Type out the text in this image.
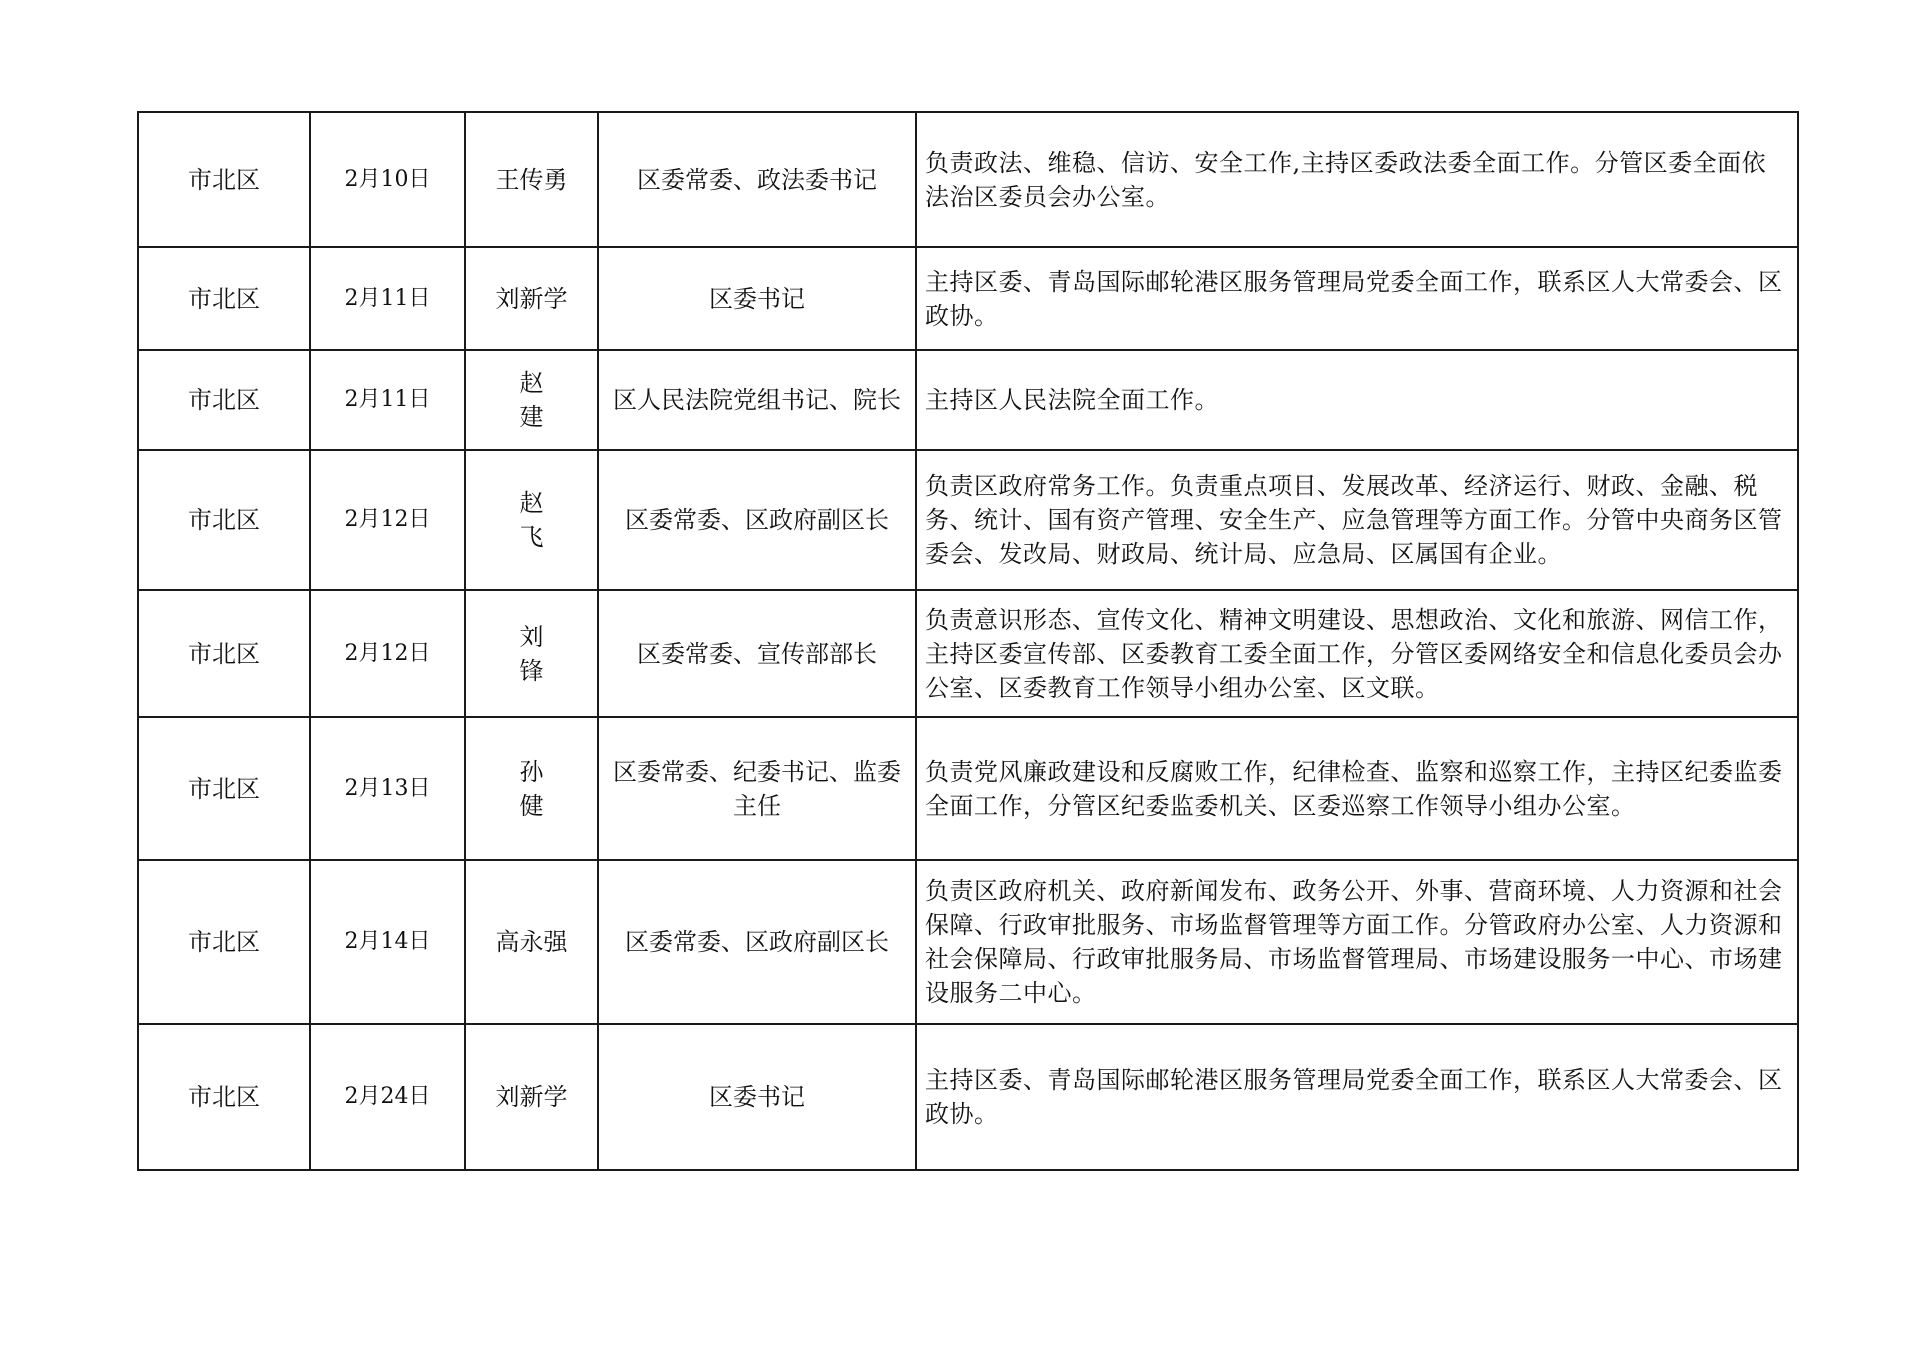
市北区	2月10日	王传勇	区委常委、政法委书记	负责政法、维稳、信访、安全工作,主持区委政法委全面工作。分管区委全面依法治区委员会办公室。
市北区	2月11日	刘新学	区委书记	主持区委、青岛国际邮轮港区服务管理局党委全面工作，联系区人大常委会、区政协。
市北区	2月11日	赵 建	区人民法院党组书记、院长	主持区人民法院全面工作。
市北区	2月12日	赵 飞	区委常委、区政府副区长	负责区政府常务工作。负责重点项目、发展改革、经济运行、财政、金融、税务、统计、国有资产管理、安全生产、应急管理等方面工作。分管中央商务区管委会、发改局、财政局、统计局、应急局、区属国有企业。
市北区	2月12日	刘 锋	区委常委、宣传部部长	负责意识形态、宣传文化、精神文明建设、思想政治、文化和旅游、网信工作，主持区委宣传部、区委教育工委全面工作，分管区委网络安全和信息化委员会办公室、区委教育工作领导小组办公室、区文联。
市北区	2月13日	孙 健	区委常委、纪委书记、监委主任	负责党风廉政建设和反腐败工作，纪律检查、监察和巡察工作，主持区纪委监委全面工作，分管区纪委监委机关、区委巡察工作领导小组办公室。
市北区	2月14日	高永强	区委常委、区政府副区长	负责区政府机关、政府新闻发布、政务公开、外事、营商环境、人力资源和社会保障、行政审批服务、市场监督管理等方面工作。分管政府办公室、人力资源和社会保障局、行政审批服务局、市场监督管理局、市场建设服务一中心、市场建设服务二中心。
市北区	2月24日	刘新学	区委书记	主持区委、青岛国际邮轮港区服务管理局党委全面工作，联系区人大常委会、区政协。
